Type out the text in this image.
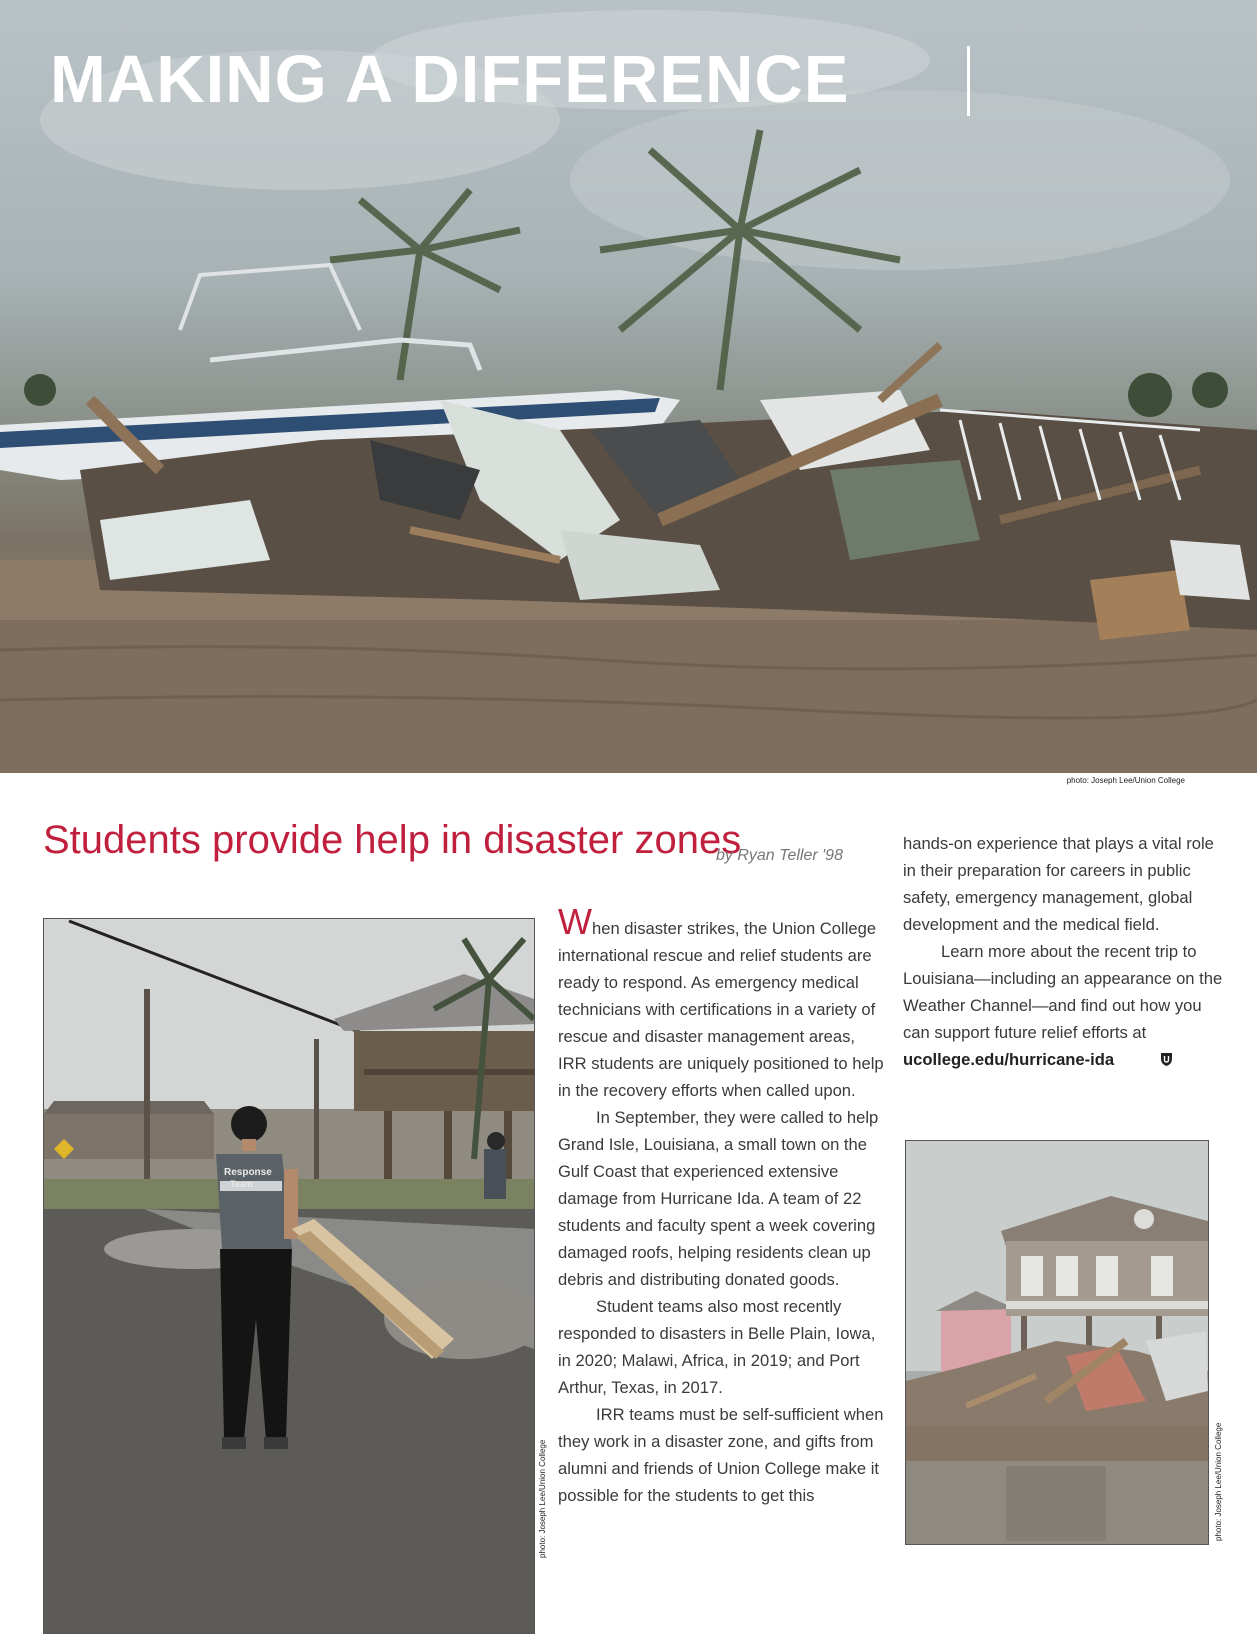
MAKING A DIFFERENCE
photo: Joseph Lee/Union College
Students provide help in disaster zones
by Ryan Teller '98
Response
Team
photo: Joseph Lee/Union College

When disaster strikes, the Union College international rescue and relief students are ready to respond. As emergency medical technicians with certifications in a variety of rescue and disaster management areas, IRR students are uniquely positioned to help in the recovery efforts when called upon.

In September, they were called to help Grand Isle, Louisiana, a small town on the Gulf Coast that experienced extensive damage from Hurricane Ida. A team of 22 students and faculty spent a week covering damaged roofs, helping residents clean up debris and distributing donated goods.

Student teams also most recently responded to disasters in Belle Plain, Iowa, in 2020; Malawi, Africa, in 2019; and Port Arthur, Texas, in 2017.

IRR teams must be self-sufficient when they work in a disaster zone, and gifts from alumni and friends of Union College make it possible for the students to get this

hands-on experience that plays a vital role in their preparation for careers in public safety, emergency management, global development and the medical field.

Learn more about the recent trip to Louisiana—including an appearance on the Weather Channel—and find out how you can support future relief efforts at ucollege.edu/hurricane-ida

photo: Joseph Lee/Union College
